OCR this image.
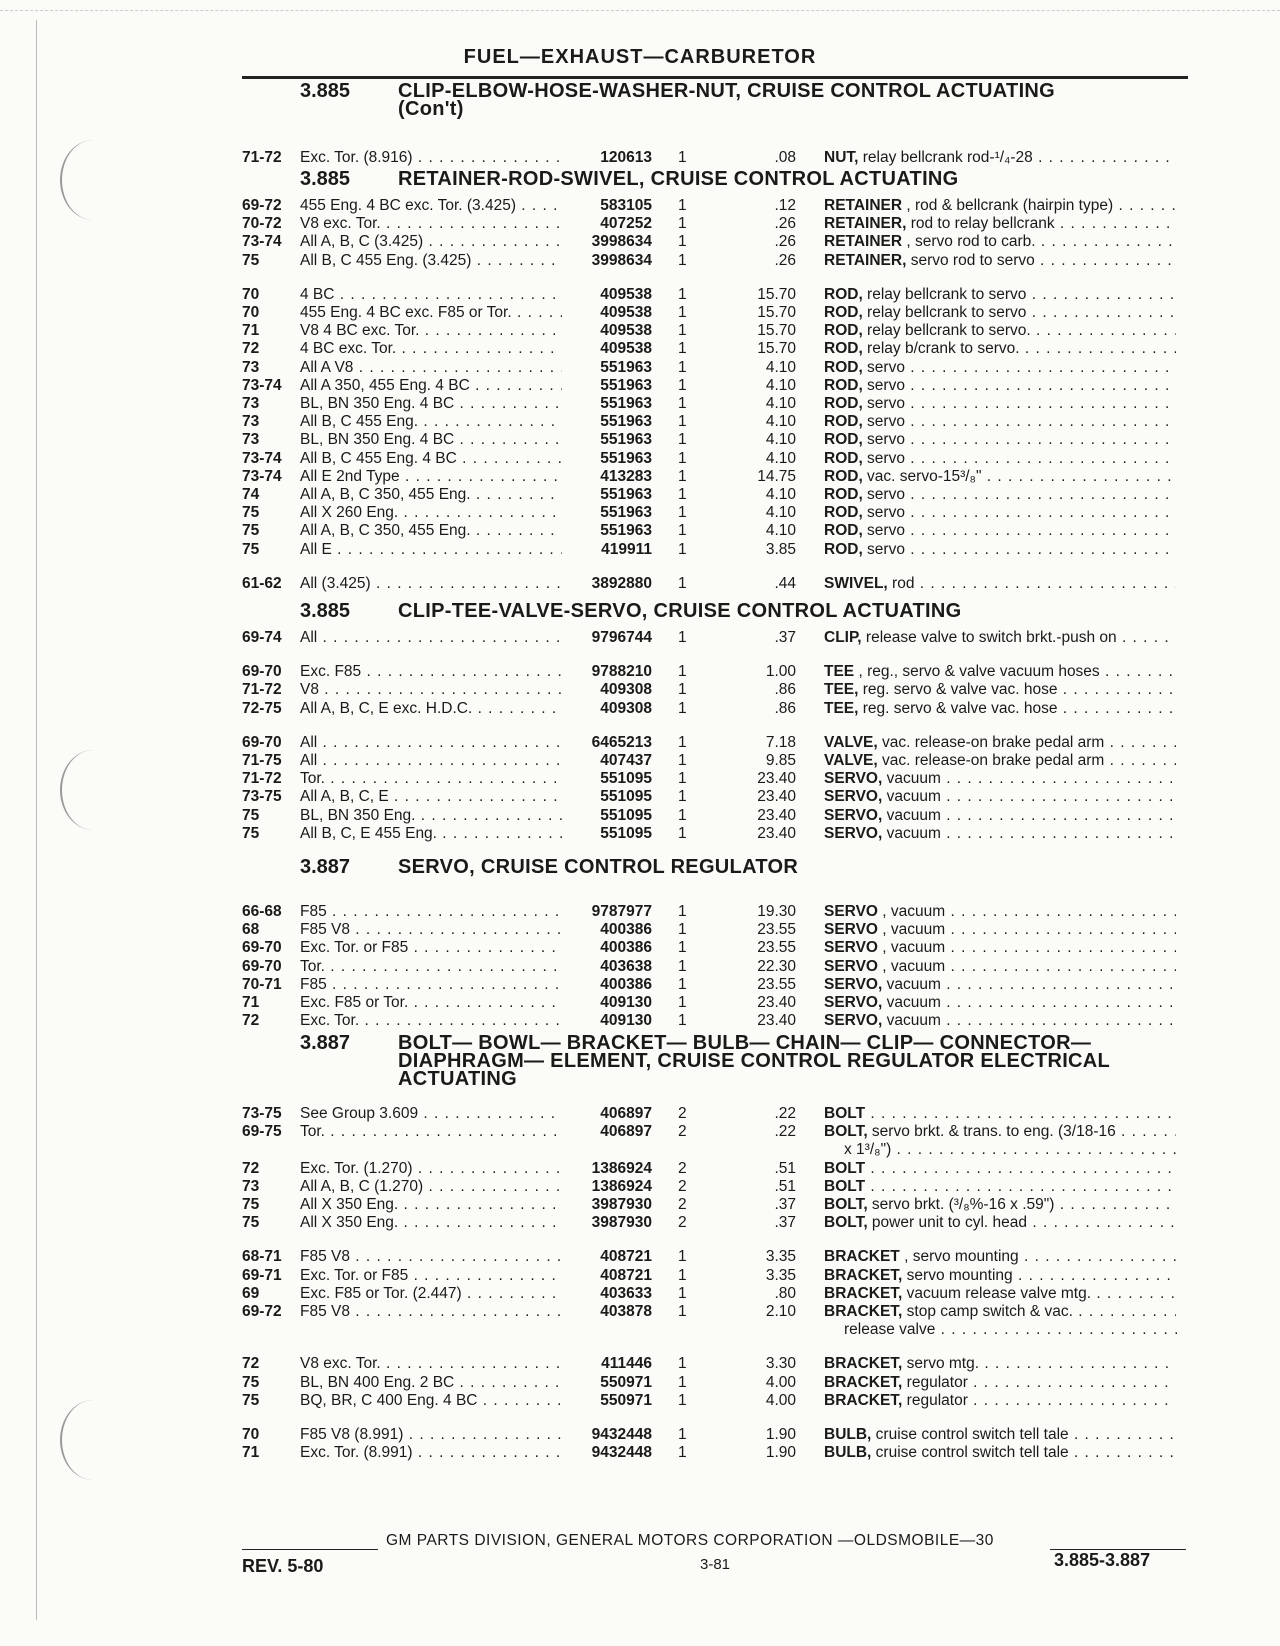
FUEL—EXHAUST—CARBURETOR
3.885	CLIP-ELBOW-HOSE-WASHER-NUT, CRUISE CONTROL ACTUATING
(Con't)
71-72 Exc. Tor. (8.916) . . .	120613 1	.08 NUT, relay bellcrank rod-¹/₄-28 . . .
3.885	RETAINER-ROD-SWIVEL, CRUISE CONTROL ACTUATING
69-72 455 Eng. 4 BC exc. Tor. (3.425) . . .	583105 1	.12 RETAINER , rod & bellcrank (hairpin type) . . .
70-72 V8 exc. Tor. . . .	407252 1	.26 RETAINER, rod to relay bellcrank . . .
73-74 All A, B, C (3.425) . . .	3998634 1	.26 RETAINER , servo rod to carb. . . .
75	All B, C 455 Eng. (3.425) . . .	3998634 1	.26 RETAINER, servo rod to servo . . .
70	4 BC . . .	409538 1	15.70 ROD, relay bellcrank to servo . . .
70	455 Eng. 4 BC exc. F85 or Tor. . . .	409538 1	15.70 ROD, relay bellcrank to servo . . .
71	V8 4 BC exc. Tor. . . .	409538 1	15.70 ROD, relay bellcrank to servo. . . .
72	4 BC exc. Tor. . . .	409538 1	15.70 ROD, relay b/crank to servo. . . .
73	All A V8 . . .	551963 1	4.10 ROD, servo . . .
73-74 All A 350, 455 Eng. 4 BC . . .	551963 1	4.10 ROD, servo . . .
73	BL, BN 350 Eng. 4 BC . . .	551963 1	4.10 ROD, servo . . .
73	All B, C 455 Eng. . . .	551963 1	4.10 ROD, servo . . .
73	BL, BN 350 Eng. 4 BC . . .	551963 1	4.10 ROD, servo . . .
73-74 All B, C 455 Eng. 4 BC . . .	551963 1	4.10 ROD, servo . . .
73-74 All E 2nd Type . . .	413283 1	14.75 ROD, vac. servo-15³/₈" . . .
74	All A, B, C 350, 455 Eng. . . .	551963 1	4.10 ROD, servo . . .
75	All X 260 Eng. . . .	551963 1	4.10 ROD, servo . . .
75	All A, B, C 350, 455 Eng. . . .	551963 1	4.10 ROD, servo . . .
75	All E . . .	419911 1	3.85 ROD, servo . . .
61-62 All (3.425) . . .	3892880 1	.44 SWIVEL, rod . . .
3.885	CLIP-TEE-VALVE-SERVO, CRUISE CONTROL ACTUATING
69-74 All . . .	9796744 1	.37 CLIP, release valve to switch brkt.-push on . . .
69-70 Exc. F85 . . .	9788210 1	1.00 TEE , reg., servo & valve vacuum hoses . . .
71-72 V8 . . .	409308 1	.86 TEE, reg. servo & valve vac. hose . . .
72-75 All A, B, C, E exc. H.D.C. . . .	409308 1	.86 TEE, reg. servo & valve vac. hose . . .
69-70 All . . .	6465213 1	7.18 VALVE, vac. release-on brake pedal arm . . .
71-75 All . . .	407437 1	9.85 VALVE, vac. release-on brake pedal arm . . .
71-72 Tor. . . .	551095 1	23.40 SERVO, vacuum . . .
73-75 All A, B, C, E . . .	551095 1	23.40 SERVO, vacuum . . .
75	BL, BN 350 Eng. . . .	551095 1	23.40 SERVO, vacuum . . .
75	All B, C, E 455 Eng. . . .	551095 1	23.40 SERVO, vacuum . . .
3.887	SERVO, CRUISE CONTROL REGULATOR
66-68 F85 . . .	9787977 1	19.30 SERVO , vacuum . . .
68	F85 V8 . . .	400386 1	23.55 SERVO , vacuum . . .
69-70 Exc. Tor. or F85 . . .	400386 1	23.55 SERVO , vacuum . . .
69-70 Tor. . . .	403638 1	22.30 SERVO , vacuum . . .
70-71 F85 . . .	400386 1	23.55 SERVO, vacuum . . .
71	Exc. F85 or Tor. . . .	409130 1	23.40 SERVO, vacuum . . .
72	Exc. Tor. . . .	409130 1	23.40 SERVO, vacuum . . .
3.887	BOLT— BOWL— BRACKET— BULB— CHAIN— CLIP— CONNECTOR—
DIAPHRAGM— ELEMENT, CRUISE CONTROL REGULATOR ELECTRICAL
ACTUATING
73-75 See Group 3.609 . . .	406897 2	.22 BOLT . . .
69-75 Tor. . . .	406897 2	.22 BOLT, servo brkt. & trans. to eng. (3/18-16 . . .
x 1³/₈") . . .
72	Exc. Tor. (1.270) . . .	1386924 2	.51 BOLT . . .
73	All A, B, C (1.270) . . .	1386924 2	.51 BOLT . . .
75	All X 350 Eng. . . .	3987930 2	.37 BOLT, servo brkt. (³/₈%-16 x .59") . . .
75	All X 350 Eng. . . .	3987930 2	.37 BOLT, power unit to cyl. head . . .
68-71 F85 V8 . . .	408721 1	3.35 BRACKET , servo mounting . . .
69-71 Exc. Tor. or F85 . . .	408721 1	3.35 BRACKET, servo mounting . . .
69	Exc. F85 or Tor. (2.447) . . .	403633 1	.80 BRACKET, vacuum release valve mtg. . . .
69-72 F85 V8 . . .	403878 1	2.10 BRACKET, stop camp switch & vac. . . .
release valve . . .
72	V8 exc. Tor. . . .	411446 1	3.30 BRACKET, servo mtg. . . .
75	BL, BN 400 Eng. 2 BC . . .	550971 1	4.00 BRACKET, regulator . . .
75	BQ, BR, C 400 Eng. 4 BC . . .	550971 1	4.00 BRACKET, regulator . . .
70	F85 V8 (8.991) . . .	9432448 1	1.90 BULB, cruise control switch tell tale . . .
71	Exc. Tor. (8.991) . . .	9432448 1	1.90 BULB, cruise control switch tell tale . . .
GM PARTS DIVISION, GENERAL MOTORS CORPORATION —OLDSMOBILE—30
REV. 5-80	3-81	3.885-3.887
